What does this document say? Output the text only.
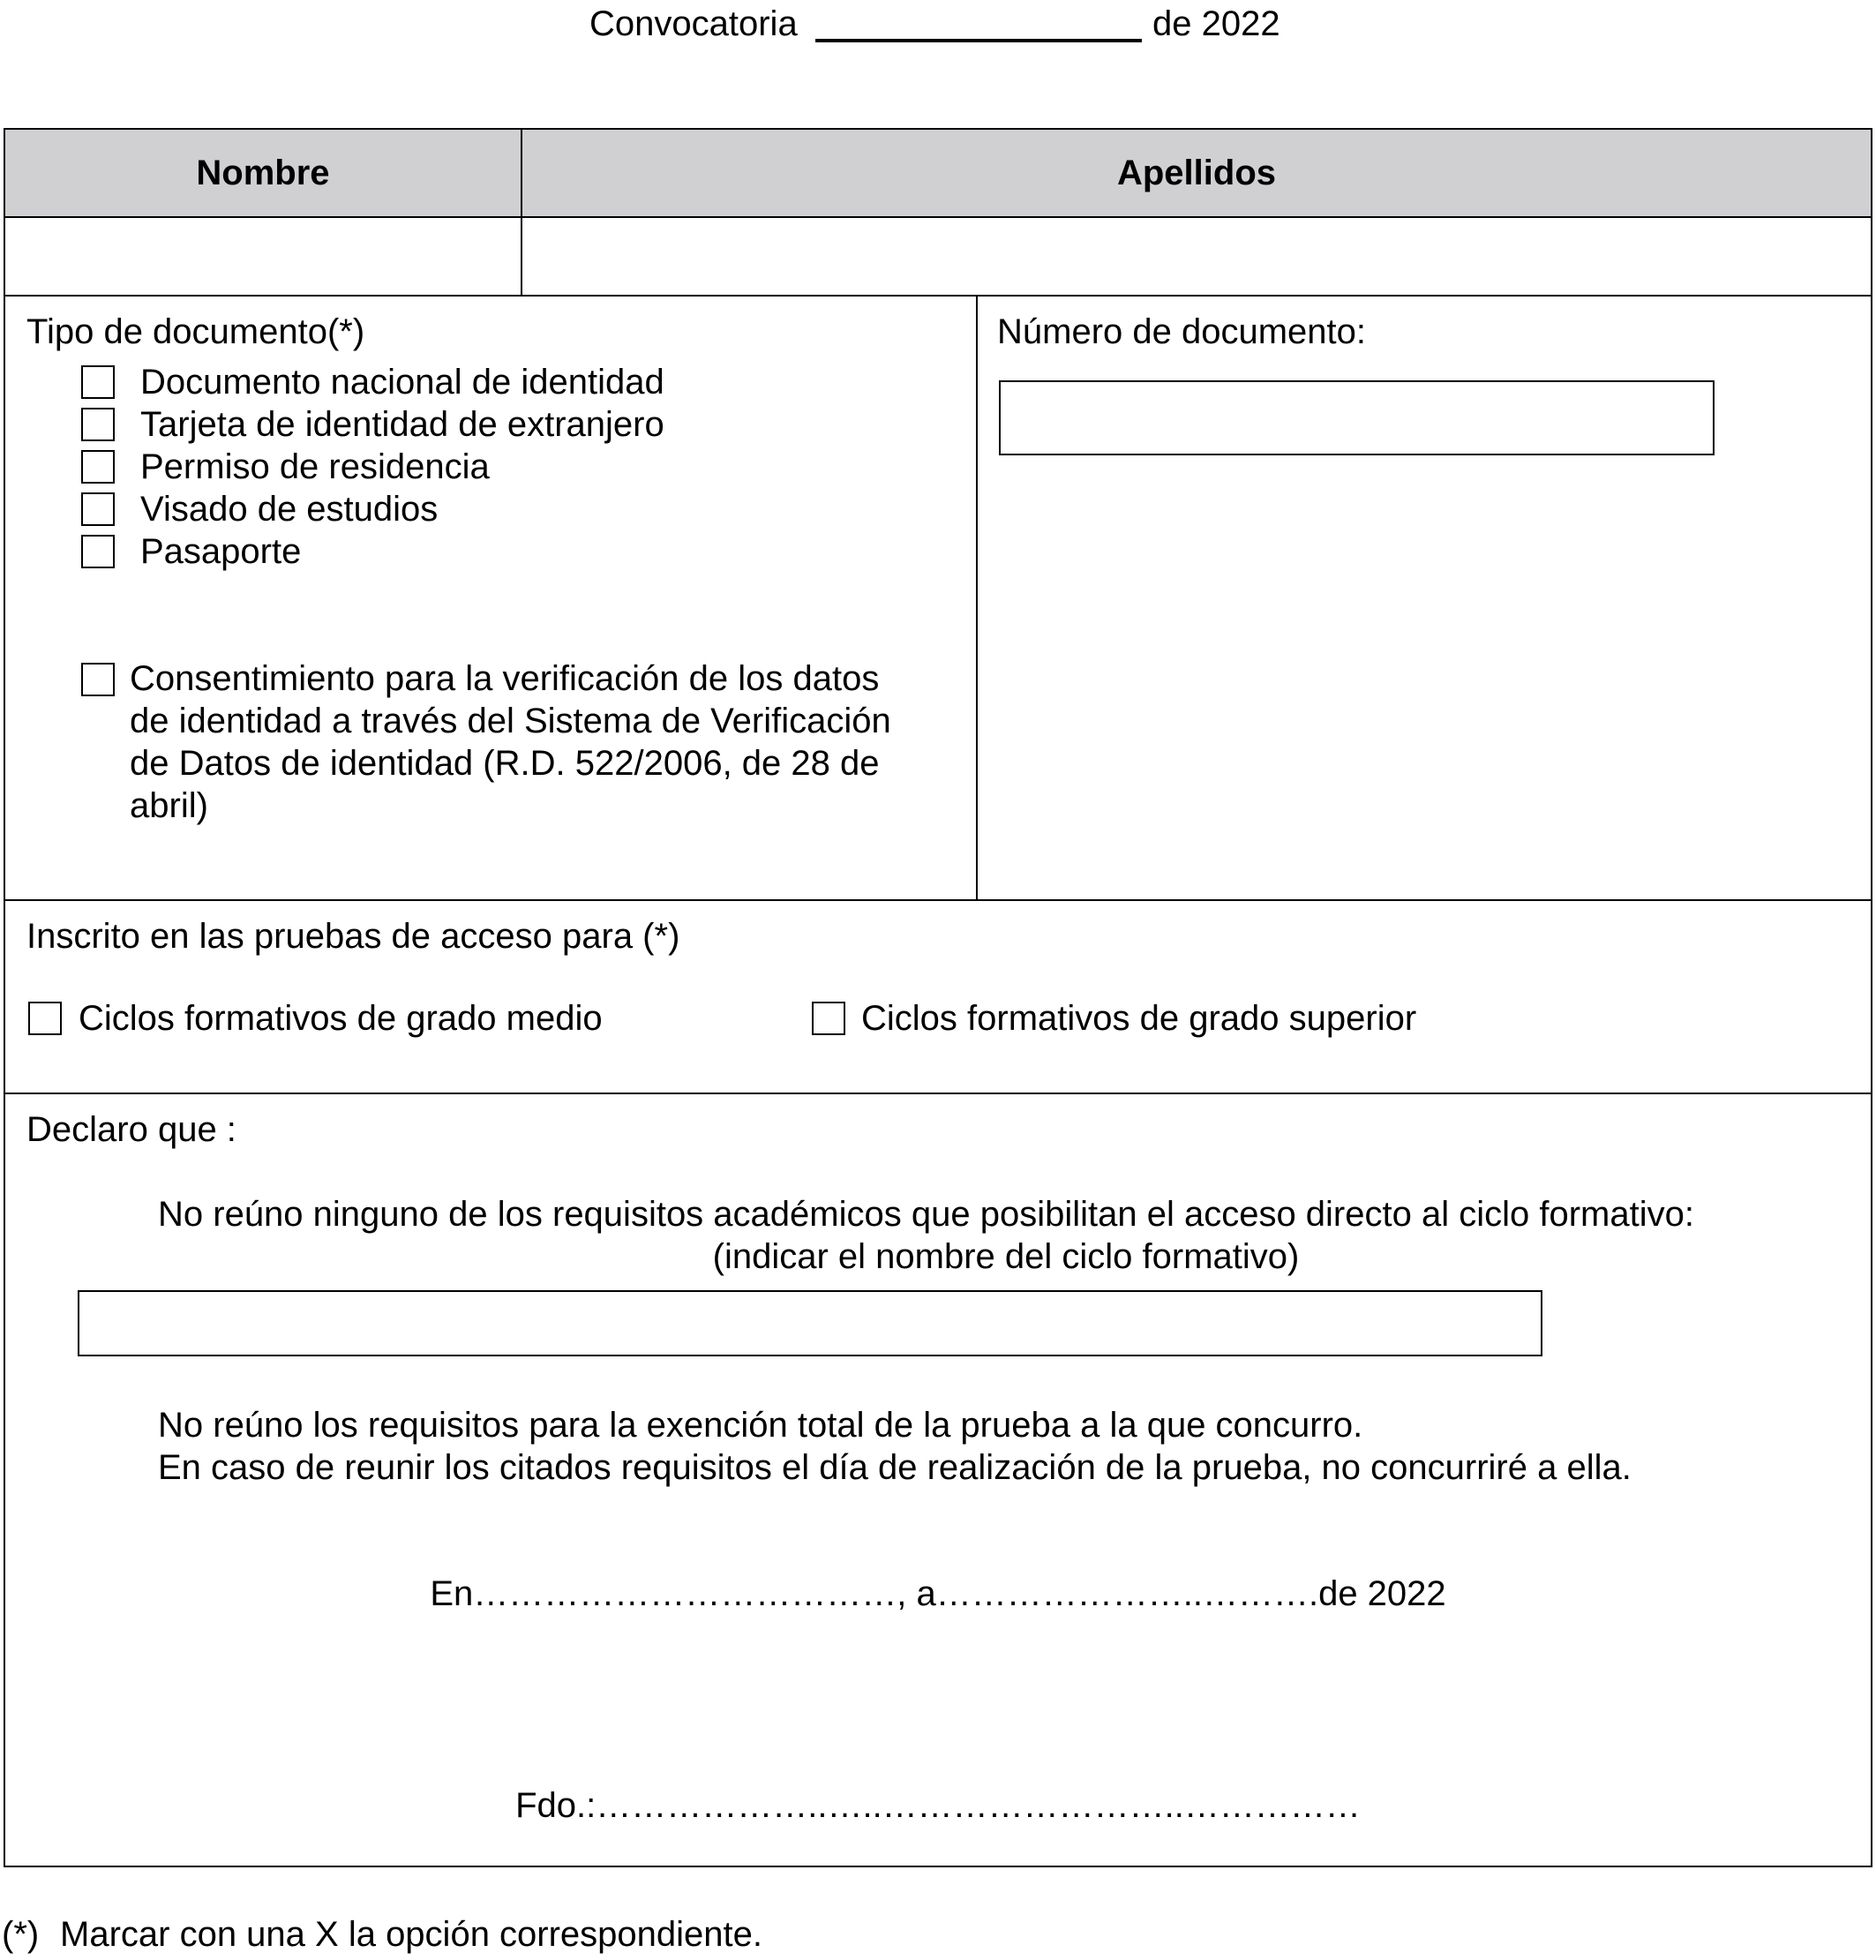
Convocatoria	de 2022
Nombre	Apellidos
Tipo de documento(*)
Documento nacional de identidad
Tarjeta de identidad de extranjero
Permiso de residencia
Visado de estudios
Pasaporte
Consentimiento para la verificación de los datos
de identidad a través del Sistema de Verificación
de Datos de identidad (R.D. 522/2006, de 28 de
abril)
Número de documento:
Inscrito en las pruebas de acceso para (*)
Ciclos formativos de grado medio	Ciclos formativos de grado superior
Declaro que :
No reúno ninguno de los requisitos académicos que posibilitan el acceso directo al ciclo formativo:
(indicar el nombre del ciclo formativo)
No reúno los requisitos para la exención total de la prueba a la que concurro.
En caso de reunir los citados requisitos el día de realización de la prueba, no concurriré a ella.
En………………………………, a…………………..……….de 2022
Fdo.:………………..…..……………………..……………
(*) Marcar con una X la opción correspondiente.
